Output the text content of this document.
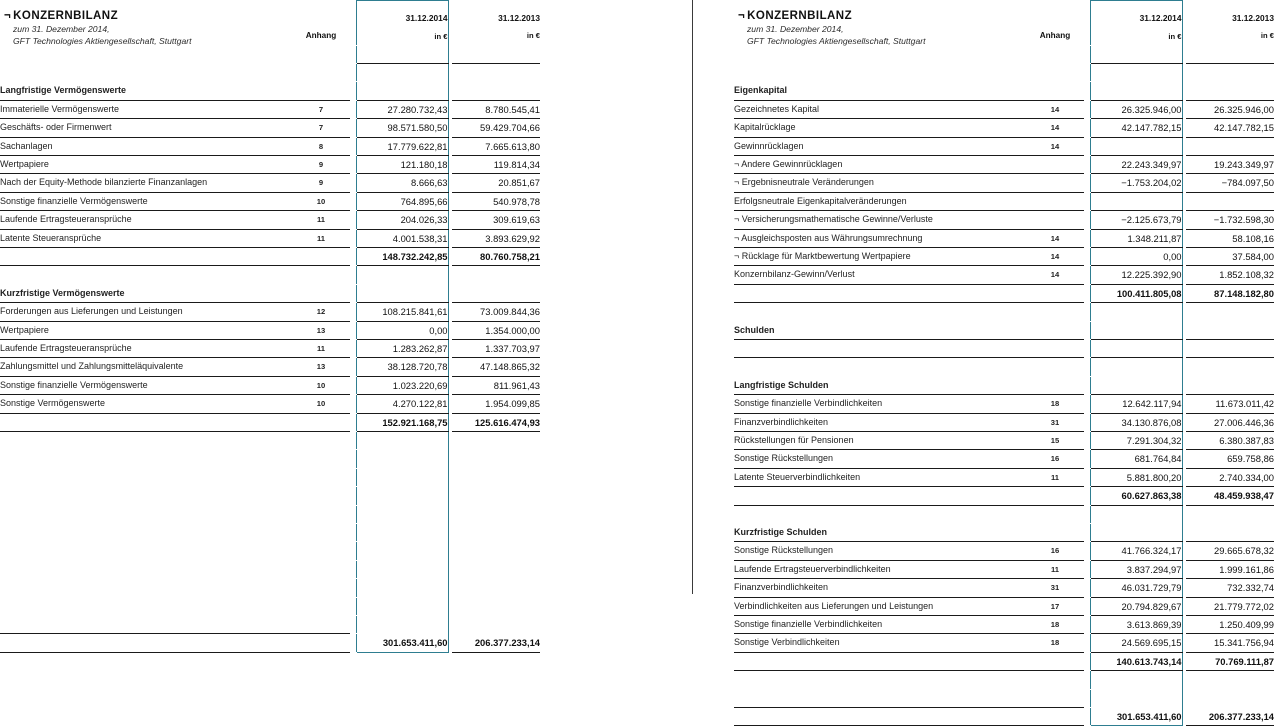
¬ KONZERNBILANZ
zum 31. Dezember 2014,
GFT Technologies Aktiengesellschaft, Stuttgart
		Anhang		
31.12.2014
in €

31.12.2013
in €

Langfristige Vermögenswerte					
Immaterielle Vermögenswerte	7		27.280.732,43		8.780.545,41
Geschäfts- oder Firmenwert	7		98.571.580,50		59.429.704,66
Sachanlagen	8		17.779.622,81		7.665.613,80
Wertpapiere	9		121.180,18		119.814,34
Nach der Equity-Methode bilanzierte Finanzanlagen	9		8.666,63		20.851,67
Sonstige finanzielle Vermögenswerte	10		764.895,66		540.978,78
Laufende Ertragsteueransprüche	11		204.026,33		309.619,63
Latente Steueransprüche	11		4.001.538,31		3.893.629,92
			148.732.242,85		80.760.758,21

Kurzfristige Vermögenswerte					
Forderungen aus Lieferungen und Leistungen	12		108.215.841,61		73.009.844,36
Wertpapiere	13		0,00		1.354.000,00
Laufende Ertragsteueransprüche	11		1.283.262,87		1.337.703,97
Zahlungsmittel und Zahlungsmitteläquivalente	13		38.128.720,78		47.148.865,32
Sonstige finanzielle Vermögenswerte	10		1.023.220,69		811.961,43
Sonstige Vermögenswerte	10		4.270.122,81		1.954.099,85
			152.921.168,75		125.616.474,93

			301.653.411,60		206.377.233,14
¬ KONZERNBILANZ
zum 31. Dezember 2014,
GFT Technologies Aktiengesellschaft, Stuttgart
		Anhang		
31.12.2014
in €

31.12.2013
in €

Eigenkapital					
Gezeichnetes Kapital	14		26.325.946,00		26.325.946,00
Kapitalrücklage	14		42.147.782,15		42.147.782,15
Gewinnrücklagen	14				
¬ Andere Gewinnrücklagen			22.243.349,97		19.243.349,97
¬ Ergebnisneutrale Veränderungen			−1.753.204,02		−784.097,50
Erfolgsneutrale Eigenkapitalveränderungen					
¬ Versicherungsmathematische Gewinne/Verluste			−2.125.673,79		−1.732.598,30
¬ Ausgleichsposten aus Währungsumrechnung	14		1.348.211,87		58.108,16
¬ Rücklage für Marktbewertung Wertpapiere	14		0,00		37.584,00
Konzernbilanz-Gewinn/Verlust	14		12.225.392,90		1.852.108,32
			100.411.805,08		87.148.182,80

Schulden					

Langfristige Schulden					
Sonstige finanzielle Verbindlichkeiten	18		12.642.117,94		11.673.011,42
Finanzverbindlichkeiten	31		34.130.876,08		27.006.446,36
Rückstellungen für Pensionen	15		7.291.304,32		6.380.387,83
Sonstige Rückstellungen	16		681.764,84		659.758,86
Latente Steuerverbindlichkeiten	11		5.881.800,20		2.740.334,00
			60.627.863,38		48.459.938,47

Kurzfristige Schulden					
Sonstige Rückstellungen	16		41.766.324,17		29.665.678,32
Laufende Ertragsteuerverbindlichkeiten	11		3.837.294,97		1.999.161,86
Finanzverbindlichkeiten	31		46.031.729,79		732.332,74
Verbindlichkeiten aus Lieferungen und Leistungen	17		20.794.829,67		21.779.772,02
Sonstige finanzielle Verbindlichkeiten	18		3.613.869,39		1.250.409,99
Sonstige Verbindlichkeiten	18		24.569.695,15		15.341.756,94
			140.613.743,14		70.769.111,87

			301.653.411,60		206.377.233,14
